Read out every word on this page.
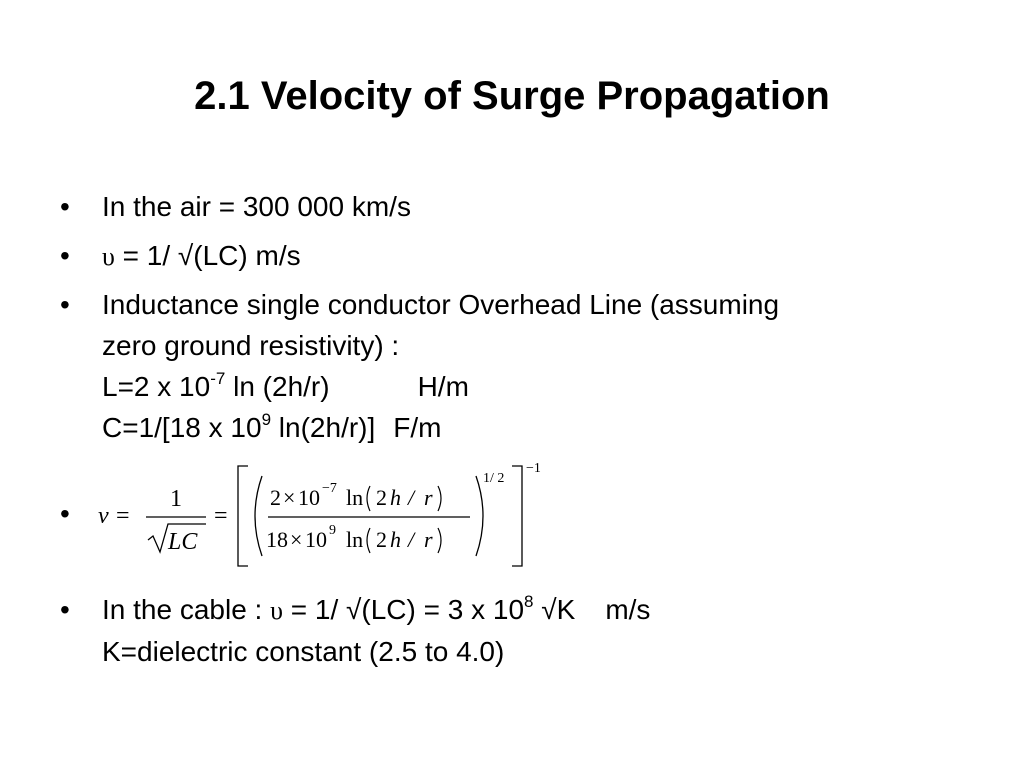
2.1 Velocity of Surge Propagation
• In the air = 300 000 km/s
• υ = 1/ √(LC) m/s
• Inductance single conductor Overhead Line (assuming
zero ground resistivity) :
L=2 x $10^{-7}$ ln (2h/r)	H/m
C=1/[18 x $10^9$ ln(2h/r)] F/m
• v =
1
LC
=
2 × 10 −7 ln 2 h / r
18 × 10 9 ln 2 h / r
1/ 2
−1
• In the cable : υ = 1/ √(LC) = 3 x $10^8$ √K m/s
K=dielectric constant (2.5 to 4.0)
